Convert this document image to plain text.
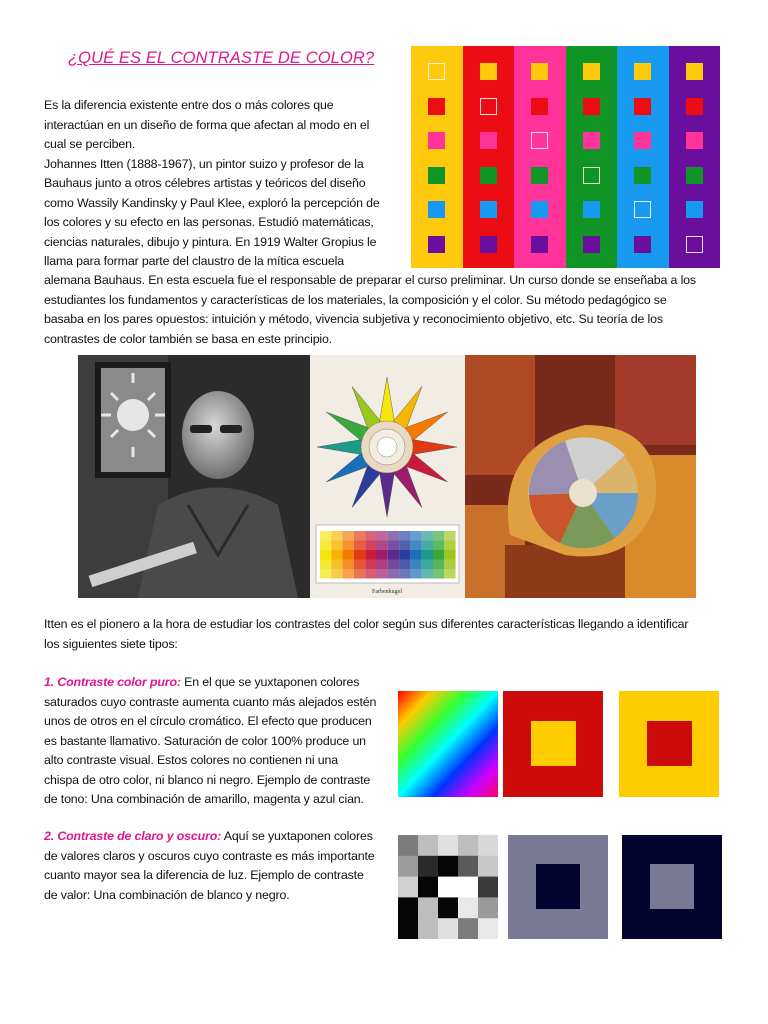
¿QUÉ ES EL CONTRASTE DE COLOR?

Es la diferencia existente entre dos o más colores que
interactúan en un diseño de forma que afectan al modo en el
cual se perciben.
Johannes Itten (1888-1967), un pintor suizo y profesor de la
Bauhaus junto a otros célebres artistas y teóricos del diseño
como Wassily Kandinsky y Paul Klee, exploró la percepción de
los colores y su efecto en las personas. Estudió matemáticas,
ciencias naturales, dibujo y pintura. En 1919 Walter Gropius le
llama para formar parte del claustro de la mítica escuela

alemana Bauhaus. En esta escuela fue el responsable de preparar el curso preliminar. Un curso donde se enseñaba a los
estudiantes los fundamentos y características de los materiales, la composición y el color. Su método pedagógico se
basaba en los pares opuestos: intuición y método, vivencia subjetiva y reconocimiento objetivo, etc. Su teoría de los
contrastes de color también se basa en este principio.

Farbenkugel

Itten es el pionero a la hora de estudiar los contrastes del color según sus diferentes características llegando a identificar
los siguientes siete tipos:

1. Contraste color puro: En el que se yuxtaponen colores
saturados cuyo contraste aumenta cuanto más alejados estén
unos de otros en el círculo cromático. El efecto que producen
es bastante llamativo. Saturación de color 100% produce un
alto contraste visual. Estos colores no contienen ni una
chispa de otro color, ni blanco ni negro. Ejemplo de contraste
de tono: Una combinación de amarillo, magenta y azul cian.

2. Contraste de claro y oscuro: Aquí se yuxtaponen colores
de valores claros y oscuros cuyo contraste es más importante
cuanto mayor sea la diferencia de luz. Ejemplo de contraste
de valor: Una combinación de blanco y negro.
